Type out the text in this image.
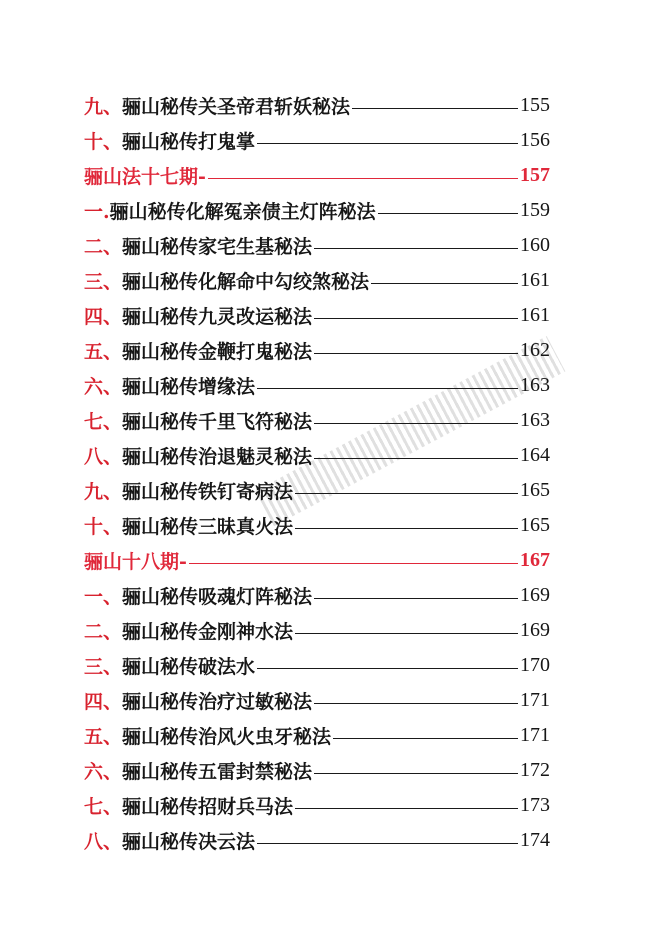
九、 骊山秘传关圣帝君斩妖秘法	155
十、 骊山秘传打鬼掌	156
骊山法十七期-	157
一. 骊山秘传化解冤亲债主灯阵秘法	159
二、 骊山秘传家宅生基秘法	160
三、 骊山秘传化解命中勾绞煞秘法	161
四、 骊山秘传九灵改运秘法	161
五、 骊山秘传金鞭打鬼秘法	162
六、 骊山秘传增缘法	163
七、 骊山秘传千里飞符秘法	163
八、 骊山秘传治退魅灵秘法	164
九、 骊山秘传铁钉寄病法	165
十、 骊山秘传三昧真火法	165
骊山十八期-	167
一、 骊山秘传吸魂灯阵秘法	169
二、 骊山秘传金刚神水法	169
三、 骊山秘传破法水	170
四、 骊山秘传治疗过敏秘法	171
五、 骊山秘传治风火虫牙秘法	171
六、 骊山秘传五雷封禁秘法	172
七、 骊山秘传招财兵马法	173
八、 骊山秘传决云法	174
